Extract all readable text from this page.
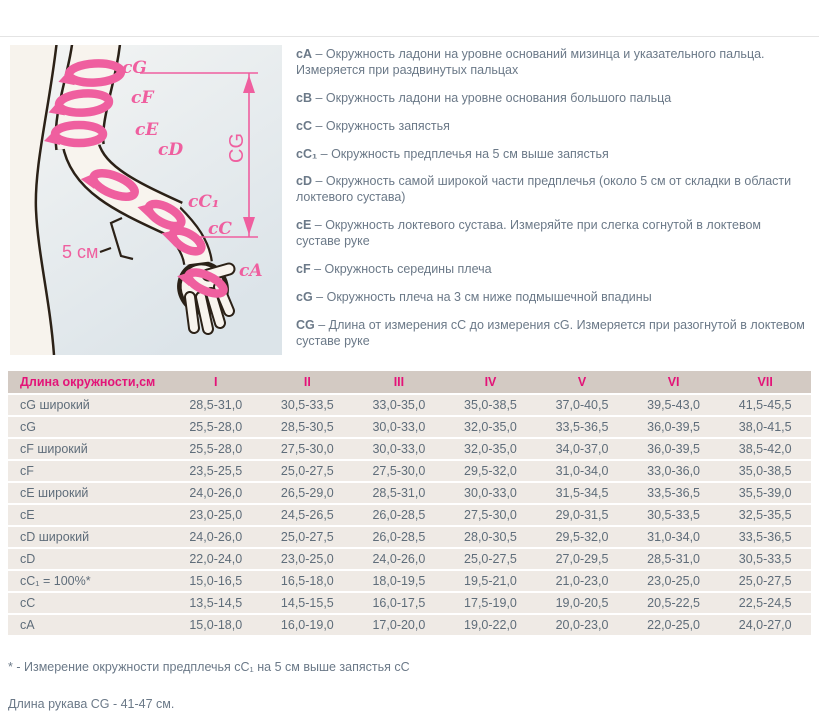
cG
cF
cE
cD
cC₁
cC
cA
CG
5 см

cA – Окружность ладони на уровне оснований мизинца и указательного пальца. Измеряется при раздвинутых пальцах

cB – Окружность ладони на уровне основания большого пальца

cC – Окружность запястья

cC₁ – Окружность предплечья на 5 см выше запястья

cD – Окружность самой широкой части предплечья (около 5 см от складки в области локтевого сустава)

cE – Окружность локтевого сустава. Измеряйте при слегка согнутой в локтевом суставе руке

cF – Окружность середины плеча

cG – Окружность плеча на 3 см ниже подмышечной впадины

CG – Длина от измерения cC до измерения cG. Измеряется при разогнутой в локтевом суставе руке

Длина окружности,см	I	II	III	IV	V	VI	VII
cG широкий	28,5-31,0	30,5-33,5	33,0-35,0	35,0-38,5	37,0-40,5	39,5-43,0	41,5-45,5
cG	25,5-28,0	28,5-30,5	30,0-33,0	32,0-35,0	33,5-36,5	36,0-39,5	38,0-41,5
cF широкий	25,5-28,0	27,5-30,0	30,0-33,0	32,0-35,0	34,0-37,0	36,0-39,5	38,5-42,0
cF	23,5-25,5	25,0-27,5	27,5-30,0	29,5-32,0	31,0-34,0	33,0-36,0	35,0-38,5
cE широкий	24,0-26,0	26,5-29,0	28,5-31,0	30,0-33,0	31,5-34,5	33,5-36,5	35,5-39,0
cE	23,0-25,0	24,5-26,5	26,0-28,5	27,5-30,0	29,0-31,5	30,5-33,5	32,5-35,5
cD широкий	24,0-26,0	25,0-27,5	26,0-28,5	28,0-30,5	29,5-32,0	31,0-34,0	33,5-36,5
cD	22,0-24,0	23,0-25,0	24,0-26,0	25,0-27,5	27,0-29,5	28,5-31,0	30,5-33,5
cC₁ = 100%*	15,0-16,5	16,5-18,0	18,0-19,5	19,5-21,0	21,0-23,0	23,0-25,0	25,0-27,5
cC	13,5-14,5	14,5-15,5	16,0-17,5	17,5-19,0	19,0-20,5	20,5-22,5	22,5-24,5
cA	15,0-18,0	16,0-19,0	17,0-20,0	19,0-22,0	20,0-23,0	22,0-25,0	24,0-27,0

* - Измерение окружности предплечья cC₁ на 5 см выше запястья cC

Длина рукава CG - 41-47 см.
